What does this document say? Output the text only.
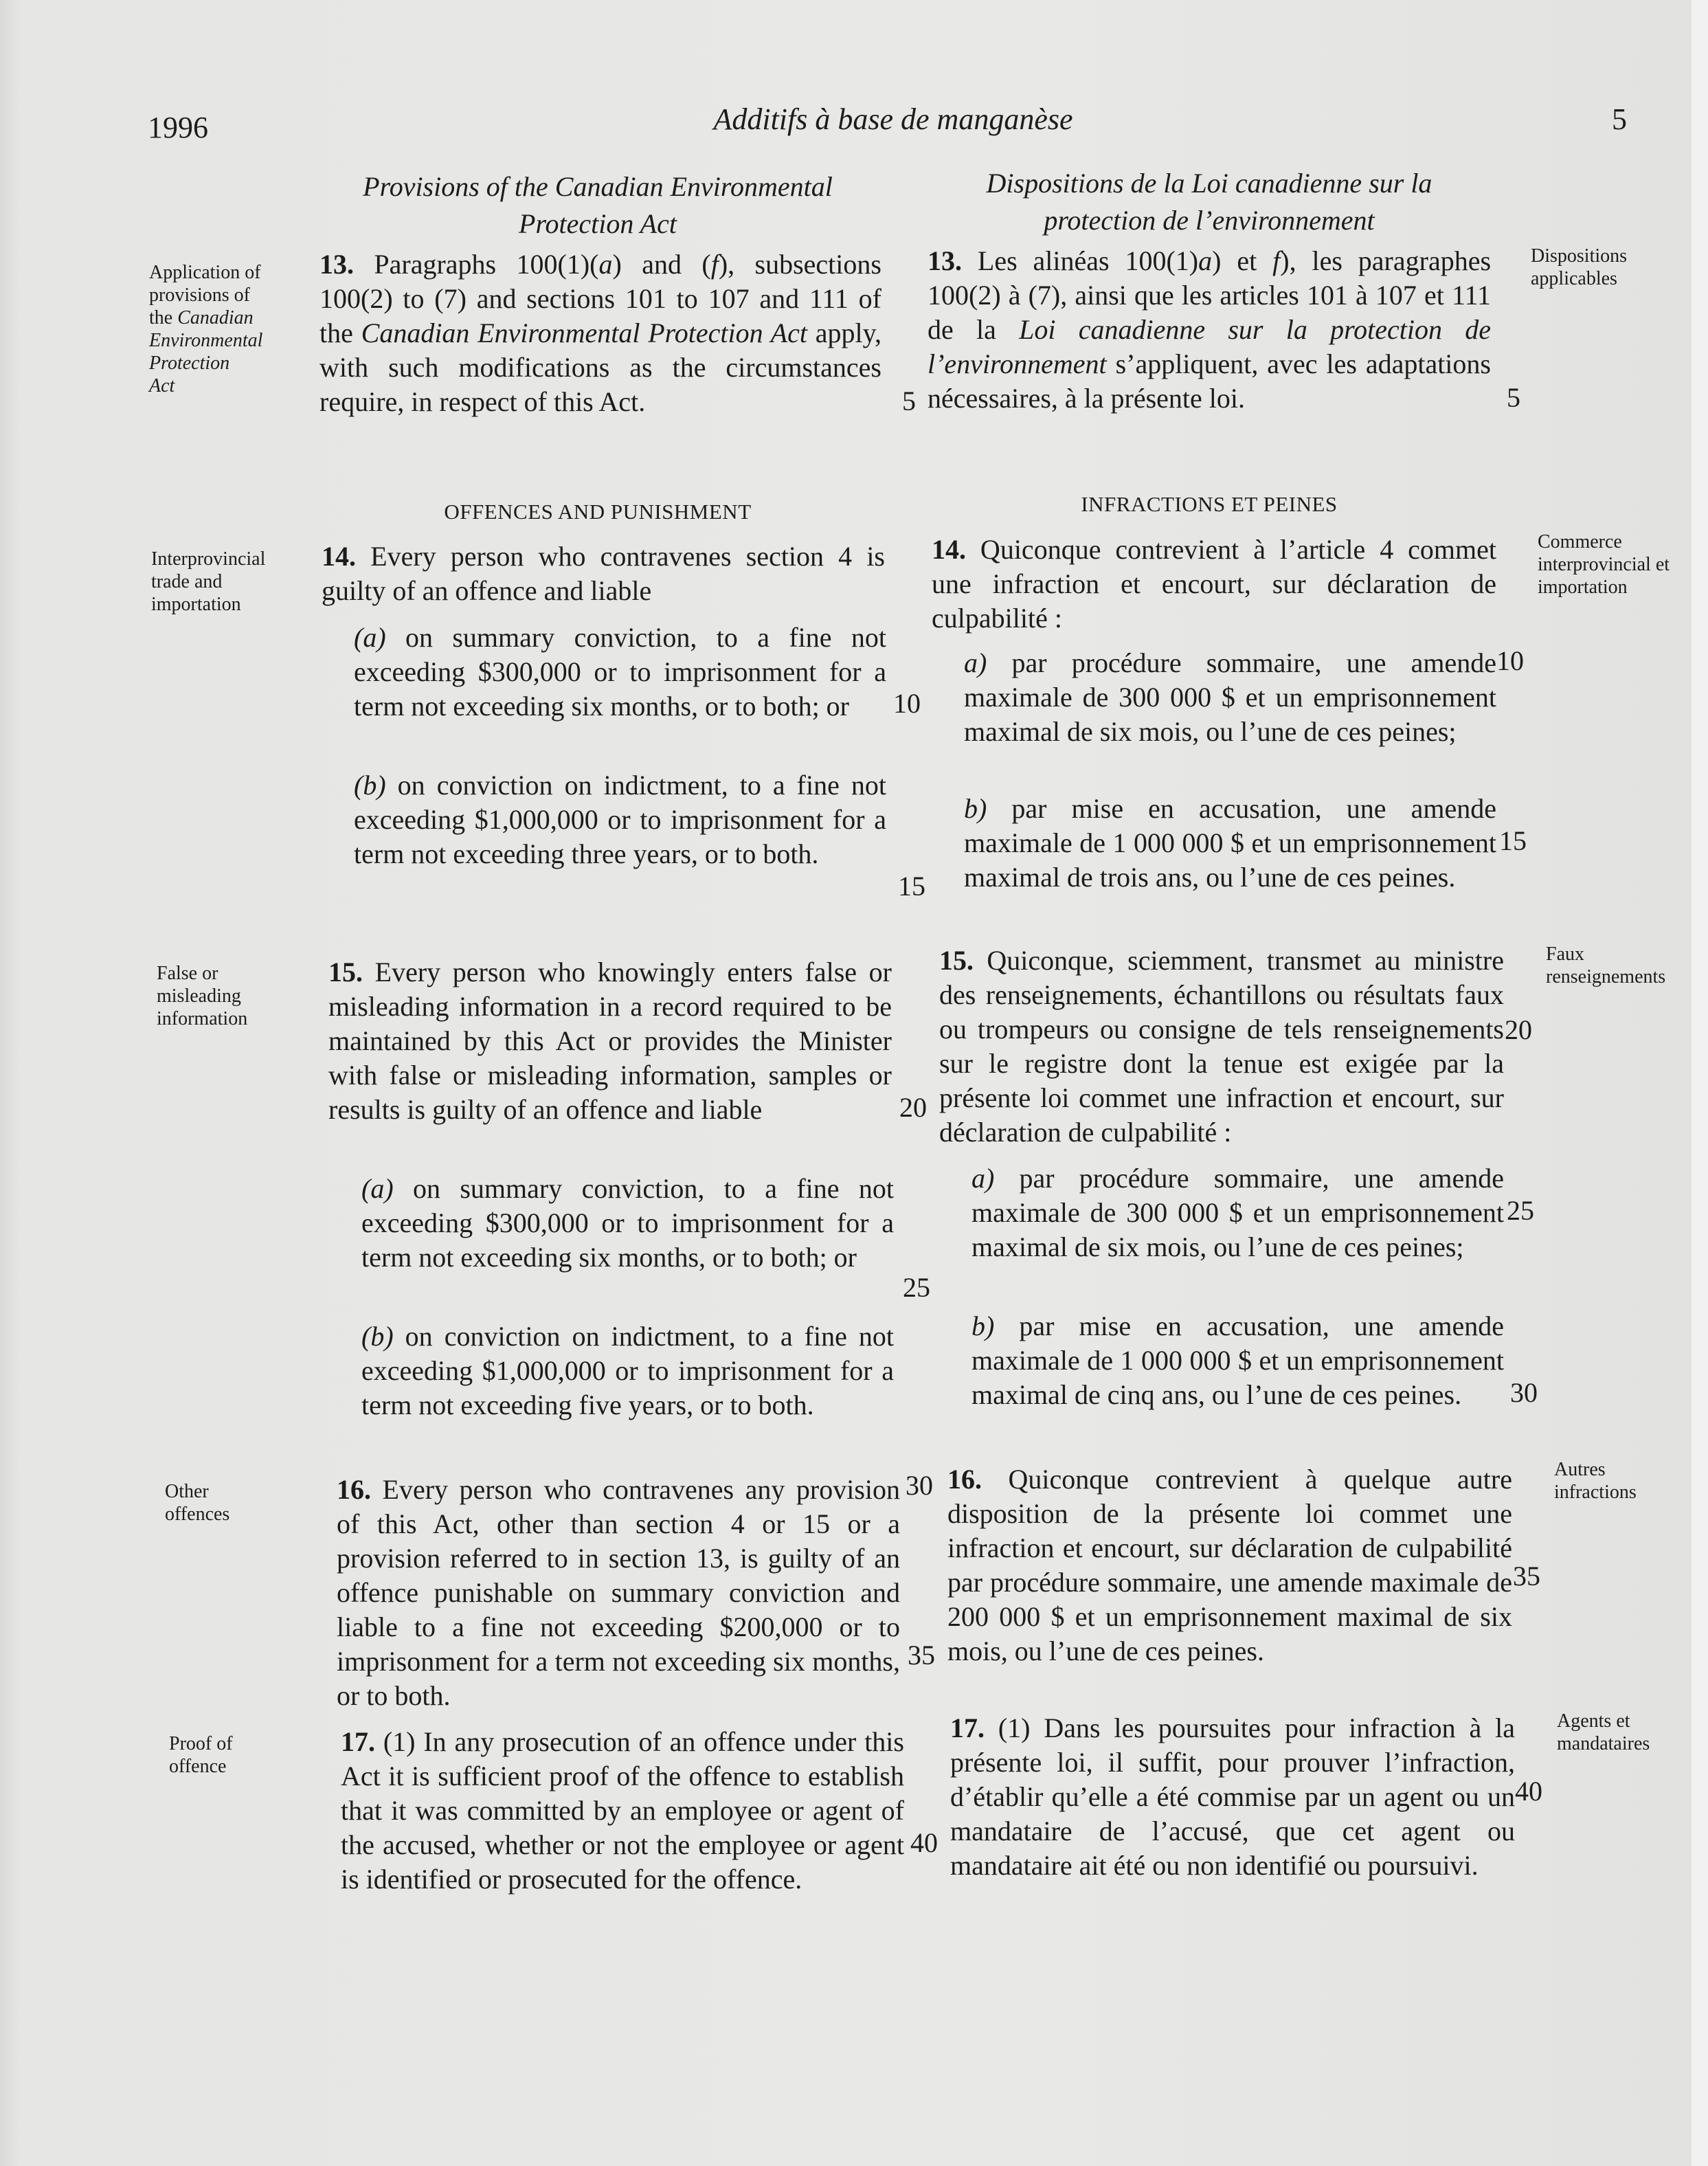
1996	Additifs à base de manganèse	5
Provisions of the Canadian Environmental Protection Act
Dispositions de la Loi canadienne sur la protection de l’environnement
Application of
provisions of
the Canadian
Environmental
Protection
Act
Interprovincial trade and importation
False or misleading information
Other offences
Proof of offence
Dispositions applicables
Commerce interprovincial et importation
Faux renseignements
Autres infractions
Agents et mandataires
13. Paragraphs 100(1)(a) and (f), subsections 100(2) to (7) and sections 101 to 107 and 111 of the Canadian Environmental Protection Act apply, with such modifications as the circumstances require, in respect of this Act.
OFFENCES AND PUNISHMENT
14. Every person who contravenes section 4 is guilty of an offence and liable
(a) on summary conviction, to a fine not exceeding $300,000 or to imprisonment for a term not exceeding six months, or to both; or
(b) on conviction on indictment, to a fine not exceeding $1,000,000 or to imprisonment for a term not exceeding three years, or to both.
15. Every person who knowingly enters false or misleading information in a record required to be maintained by this Act or provides the Minister with false or misleading information, samples or results is guilty of an offence and liable
(a) on summary conviction, to a fine not exceeding $300,000 or to imprisonment for a term not exceeding six months, or to both; or
(b) on conviction on indictment, to a fine not exceeding $1,000,000 or to imprisonment for a term not exceeding five years, or to both.
16. Every person who contravenes any provision of this Act, other than section 4 or 15 or a provision referred to in section 13, is guilty of an offence punishable on summary conviction and liable to a fine not exceeding $200,000 or to imprisonment for a term not exceeding six months, or to both.
17. (1) In any prosecution of an offence under this Act it is sufficient proof of the offence to establish that it was committed by an employee or agent of the accused, whether or not the employee or agent is identified or prosecuted for the offence.
5	5
10
10
15
15
20
20
25
25
30
30
35
35
40
40
13. Les alinéas 100(1)a) et f), les paragraphes 100(2) à (7), ainsi que les articles 101 à 107 et 111 de la Loi canadienne sur la protection de l’environnement s’appliquent, avec les adaptations nécessaires, à la présente loi.
INFRACTIONS ET PEINES
14. Quiconque contrevient à l’article 4 commet une infraction et encourt, sur déclaration de culpabilité :
a) par procédure sommaire, une amende maximale de 300 000 $ et un emprisonnement maximal de six mois, ou l’une de ces peines;
b) par mise en accusation, une amende maximale de 1 000 000 $ et un emprisonnement maximal de trois ans, ou l’une de ces peines.
15. Quiconque, sciemment, transmet au ministre des renseignements, échantillons ou résultats faux ou trompeurs ou consigne de tels renseignements sur le registre dont la tenue est exigée par la présente loi commet une infraction et encourt, sur déclaration de culpabilité :
a) par procédure sommaire, une amende maximale de 300 000 $ et un emprisonnement maximal de six mois, ou l’une de ces peines;
b) par mise en accusation, une amende maximale de 1 000 000 $ et un emprisonnement maximal de cinq ans, ou l’une de ces peines.
16. Quiconque contrevient à quelque autre disposition de la présente loi commet une infraction et encourt, sur déclaration de culpabilité par procédure sommaire, une amende maximale de 200 000 $ et un emprisonnement maximal de six mois, ou l’une de ces peines.
17. (1) Dans les poursuites pour infraction à la présente loi, il suffit, pour prouver l’infraction, d’établir qu’elle a été commise par un agent ou un mandataire de l’accusé, que cet agent ou mandataire ait été ou non identifié ou poursuivi.
